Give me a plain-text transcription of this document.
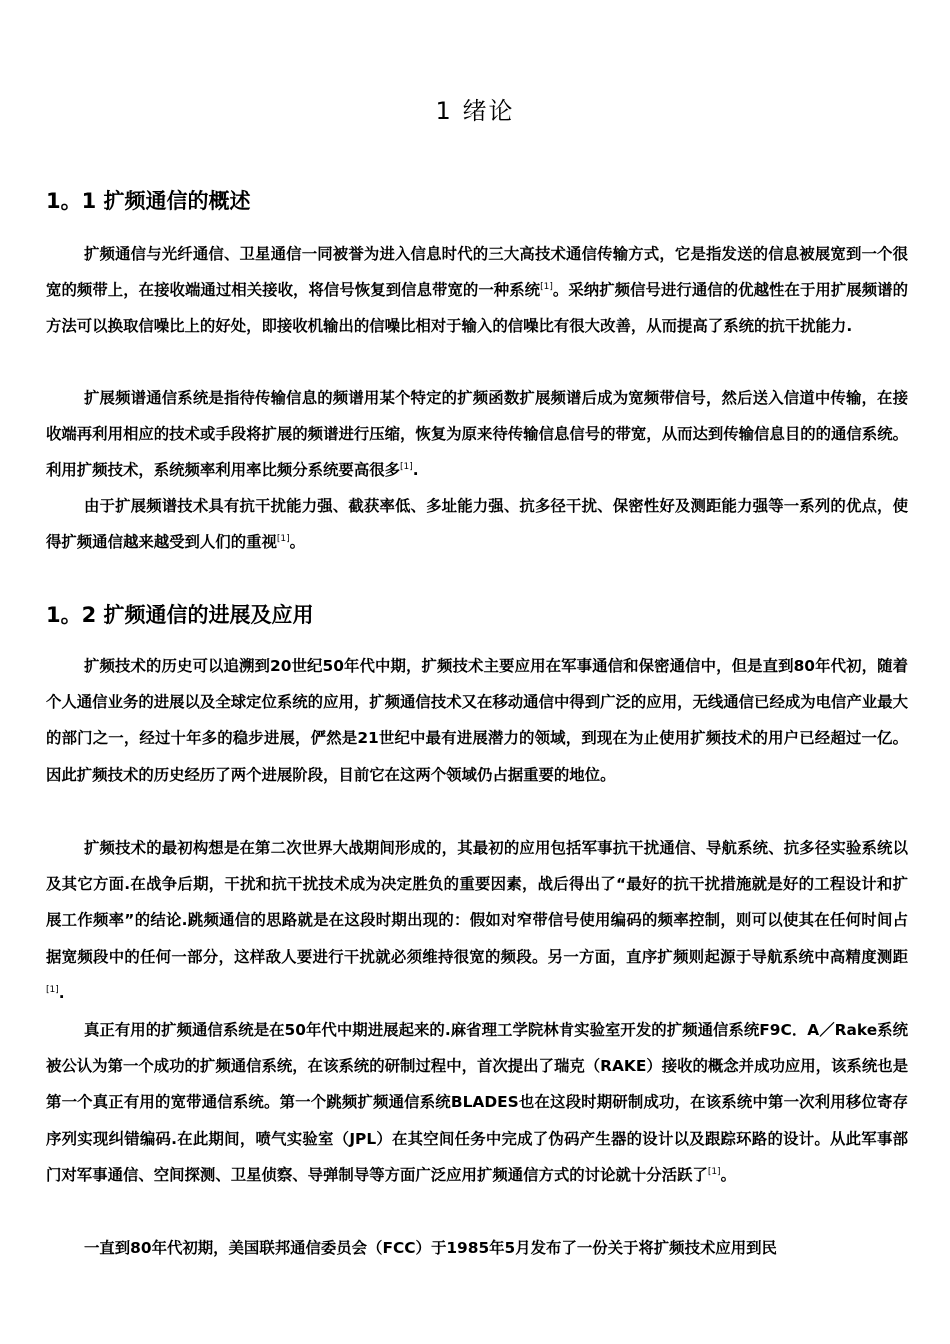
1 绪论
1。1 扩频通信的概述

扩频通信与光纤通信、卫星通信一同被誉为进入信息时代的三大高技术通信传输方式，它是指发送的信息被展宽到一个很宽的频带上，在接收端通过相关接收，将信号恢复到信息带宽的一种系统[1]。采纳扩频信号进行通信的优越性在于用扩展频谱的方法可以换取信噪比上的好处，即接收机输出的信噪比相对于输入的信噪比有很大改善，从而提高了系统的抗干扰能力.

扩展频谱通信系统是指待传输信息的频谱用某个特定的扩频函数扩展频谱后成为宽频带信号，然后送入信道中传输，在接收端再利用相应的技术或手段将扩展的频谱进行压缩，恢复为原来待传输信息信号的带宽，从而达到传输信息目的的通信系统。利用扩频技术，系统频率利用率比频分系统要高很多[1].

由于扩展频谱技术具有抗干扰能力强、截获率低、多址能力强、抗多径干扰、保密性好及测距能力强等一系列的优点，使得扩频通信越来越受到人们的重视[1]。

1。2 扩频通信的进展及应用

扩频技术的历史可以追溯到20世纪50年代中期，扩频技术主要应用在军事通信和保密通信中，但是直到80年代初，随着个人通信业务的进展以及全球定位系统的应用，扩频通信技术又在移动通信中得到广泛的应用，无线通信已经成为电信产业最大的部门之一，经过十年多的稳步进展，俨然是21世纪中最有进展潜力的领域，到现在为止使用扩频技术的用户已经超过一亿。因此扩频技术的历史经历了两个进展阶段，目前它在这两个领域仍占据重要的地位。

扩频技术的最初构想是在第二次世界大战期间形成的，其最初的应用包括军事抗干扰通信、导航系统、抗多径实验系统以及其它方面.在战争后期，干扰和抗干扰技术成为决定胜负的重要因素，战后得出了“最好的抗干扰措施就是好的工程设计和扩展工作频率”的结论.跳频通信的思路就是在这段时期出现的：假如对窄带信号使用编码的频率控制，则可以使其在任何时间占据宽频段中的任何一部分，这样敌人要进行干扰就必须维持很宽的频段。另一方面，直序扩频则起源于导航系统中高精度测距[1].

真正有用的扩频通信系统是在50年代中期进展起来的.麻省理工学院林肯实验室开发的扩频通信系统F9C．A／Rake系统被公认为第一个成功的扩频通信系统，在该系统的研制过程中，首次提出了瑞克（RAKE）接收的概念并成功应用，该系统也是第一个真正有用的宽带通信系统。第一个跳频扩频通信系统BLADES也在这段时期研制成功，在该系统中第一次利用移位寄存序列实现纠错编码.在此期间，喷气实验室（JPL）在其空间任务中完成了伪码产生器的设计以及跟踪环路的设计。从此军事部门对军事通信、空间探测、卫星侦察、导弹制导等方面广泛应用扩频通信方式的讨论就十分活跃了[1]。

一直到80年代初期，美国联邦通信委员会（FCC）于1985年5月发布了一份关于将扩频技术应用到民
